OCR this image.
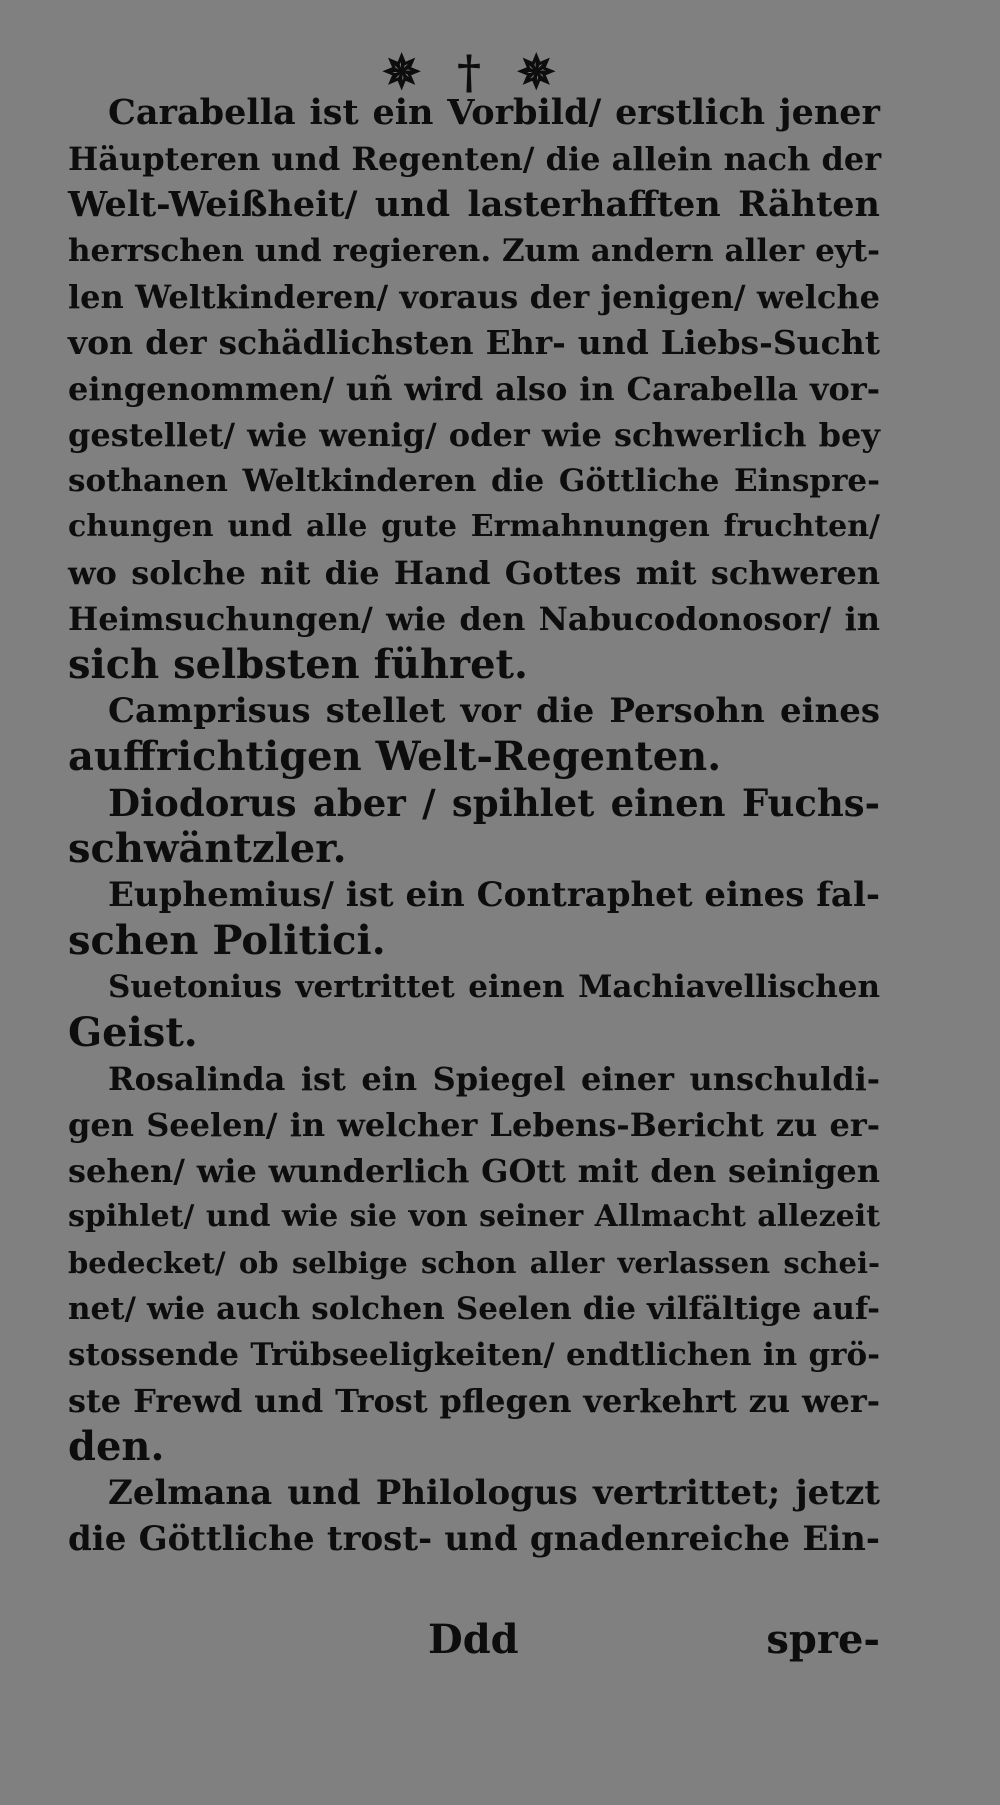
✵ † ✵
Carabella ist ein Vorbild/ erstlich jener
Häupteren und Regenten/ die allein nach der
Welt-Weißheit/ und lasterhafften Rähten
herrschen und regieren. Zum andern aller eyt-
len Weltkinderen/ voraus der jenigen/ welche
von der schädlichsten Ehr- und Liebs-Sucht
eingenommen/ uñ wird also in Carabella vor-
gestellet/ wie wenig/ oder wie schwerlich bey
sothanen Weltkinderen die Göttliche Einspre-
chungen und alle gute Ermahnungen fruchten/
wo solche nit die Hand Gottes mit schweren
Heimsuchungen/ wie den Nabucodonosor/ in
sich selbsten führet.
Camprisus stellet vor die Persohn eines
auffrichtigen Welt-Regenten.
Diodorus aber / spihlet einen Fuchs-
schwäntzler.
Euphemius/ ist ein Contraphet eines fal-
schen Politici.
Suetonius vertrittet einen Machiavellischen
Geist.
Rosalinda ist ein Spiegel einer unschuldi-
gen Seelen/ in welcher Lebens-Bericht zu er-
sehen/ wie wunderlich GOtt mit den seinigen
spihlet/ und wie sie von seiner Allmacht allezeit
bedecket/ ob selbige schon aller verlassen schei-
net/ wie auch solchen Seelen die vilfältige auf-
stossende Trübseeligkeiten/ endtlichen in grö-
ste Frewd und Trost pflegen verkehrt zu wer-
den.
Zelmana und Philologus vertrittet; jetzt
die Göttliche trost- und gnadenreiche Ein-
Ddd	spre-
